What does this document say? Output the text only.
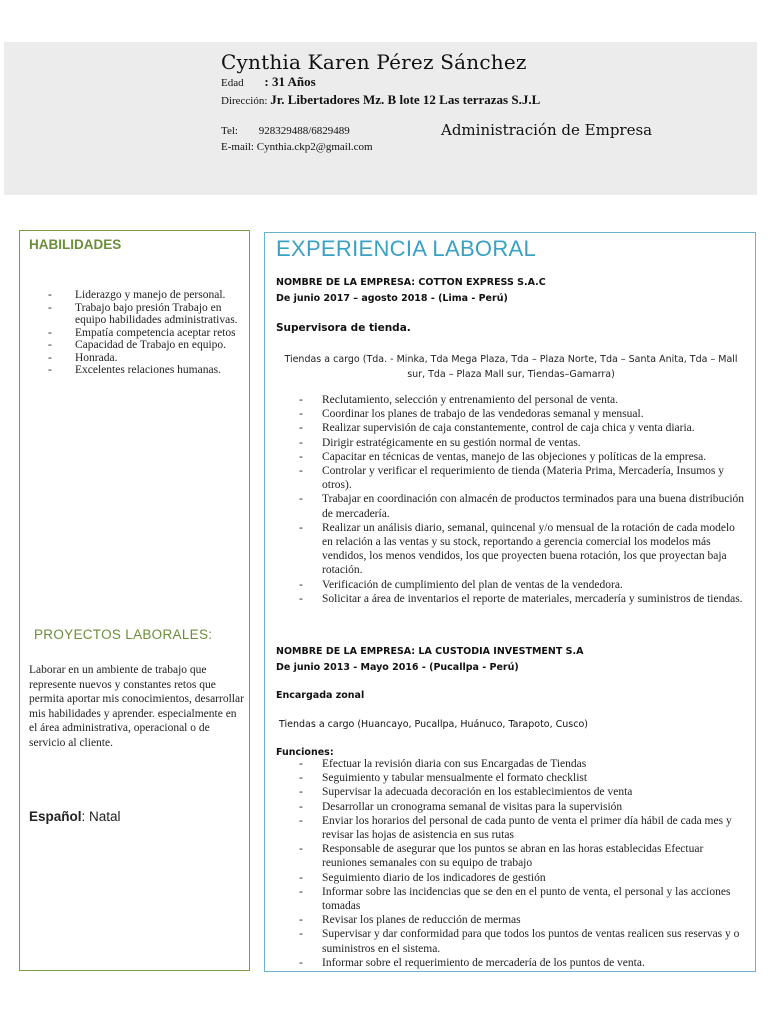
Cynthia Karen Pérez Sánchez
Edad : 31 Años
Dirección: Jr. Libertadores Mz. B lote 12 Las terrazas S.J.L
Tel: 928329488/6829489	Administración de Empresa
E-mail: Cynthia.ckp2@gmail.com
HABILIDADES
- Liderazgo y manejo de personal.
- Trabajo bajo presión Trabajo en equipo habilidades administrativas.
- Empatía competencia aceptar retos
- Capacidad de Trabajo en equipo.
- Honrada.
- Excelentes relaciones humanas.
PROYECTOS LABORALES:
Laborar en un ambiente de trabajo que represente nuevos y constantes retos que permita aportar mis conocimientos, desarrollar mis habilidades y aprender. especialmente en el área administrativa, operacional o de servicio al cliente.
Español: Natal
EXPERIENCIA LABORAL
NOMBRE DE LA EMPRESA: COTTON EXPRESS S.A.C
De junio 2017 – agosto 2018 - (Lima - Perú)
Supervisora de tienda.
Tiendas a cargo (Tda. - Minka, Tda Mega Plaza, Tda – Plaza Norte, Tda – Santa Anita, Tda – Mall sur, Tda – Plaza Mall sur, Tiendas–Gamarra)
- Reclutamiento, selección y entrenamiento del personal de venta.
- Coordinar los planes de trabajo de las vendedoras semanal y mensual.
- Realizar supervisión de caja constantemente, control de caja chica y venta diaria.
- Dirigir estratégicamente en su gestión normal de ventas.
- Capacitar en técnicas de ventas, manejo de las objeciones y políticas de la empresa.
- Controlar y verificar el requerimiento de tienda (Materia Prima, Mercadería, Insumos y otros).
- Trabajar en coordinación con almacén de productos terminados para una buena distribución de mercadería.
- Realizar un análisis diario, semanal, quincenal y/o mensual de la rotación de cada modelo en relación a las ventas y su stock, reportando a gerencia comercial los modelos más vendidos, los menos vendidos, los que proyecten buena rotación, los que proyectan baja rotación.
- Verificación de cumplimiento del plan de ventas de la vendedora.
- Solicitar a área de inventarios el reporte de materiales, mercadería y suministros de tiendas.
NOMBRE DE LA EMPRESA: LA CUSTODIA INVESTMENT S.A
De junio 2013 - Mayo 2016 - (Pucallpa - Perú)
Encargada zonal
Tiendas a cargo (Huancayo, Pucallpa, Huánuco, Tarapoto, Cusco)
Funciones:
- Efectuar la revisión diaria con sus Encargadas de Tiendas
- Seguimiento y tabular mensualmente el formato checklist
- Supervisar la adecuada decoración en los establecimientos de venta
- Desarrollar un cronograma semanal de visitas para la supervisión
- Enviar los horarios del personal de cada punto de venta el primer día hábil de cada mes y revisar las hojas de asistencia en sus rutas
- Responsable de asegurar que los puntos se abran en las horas establecidas Efectuar reuniones semanales con su equipo de trabajo
- Seguimiento diario de los indicadores de gestión
- Informar sobre las incidencias que se den en el punto de venta, el personal y las acciones tomadas
- Revisar los planes de reducción de mermas
- Supervisar y dar conformidad para que todos los puntos de ventas realicen sus reservas y o suministros en el sistema.
- Informar sobre el requerimiento de mercadería de los puntos de venta.
